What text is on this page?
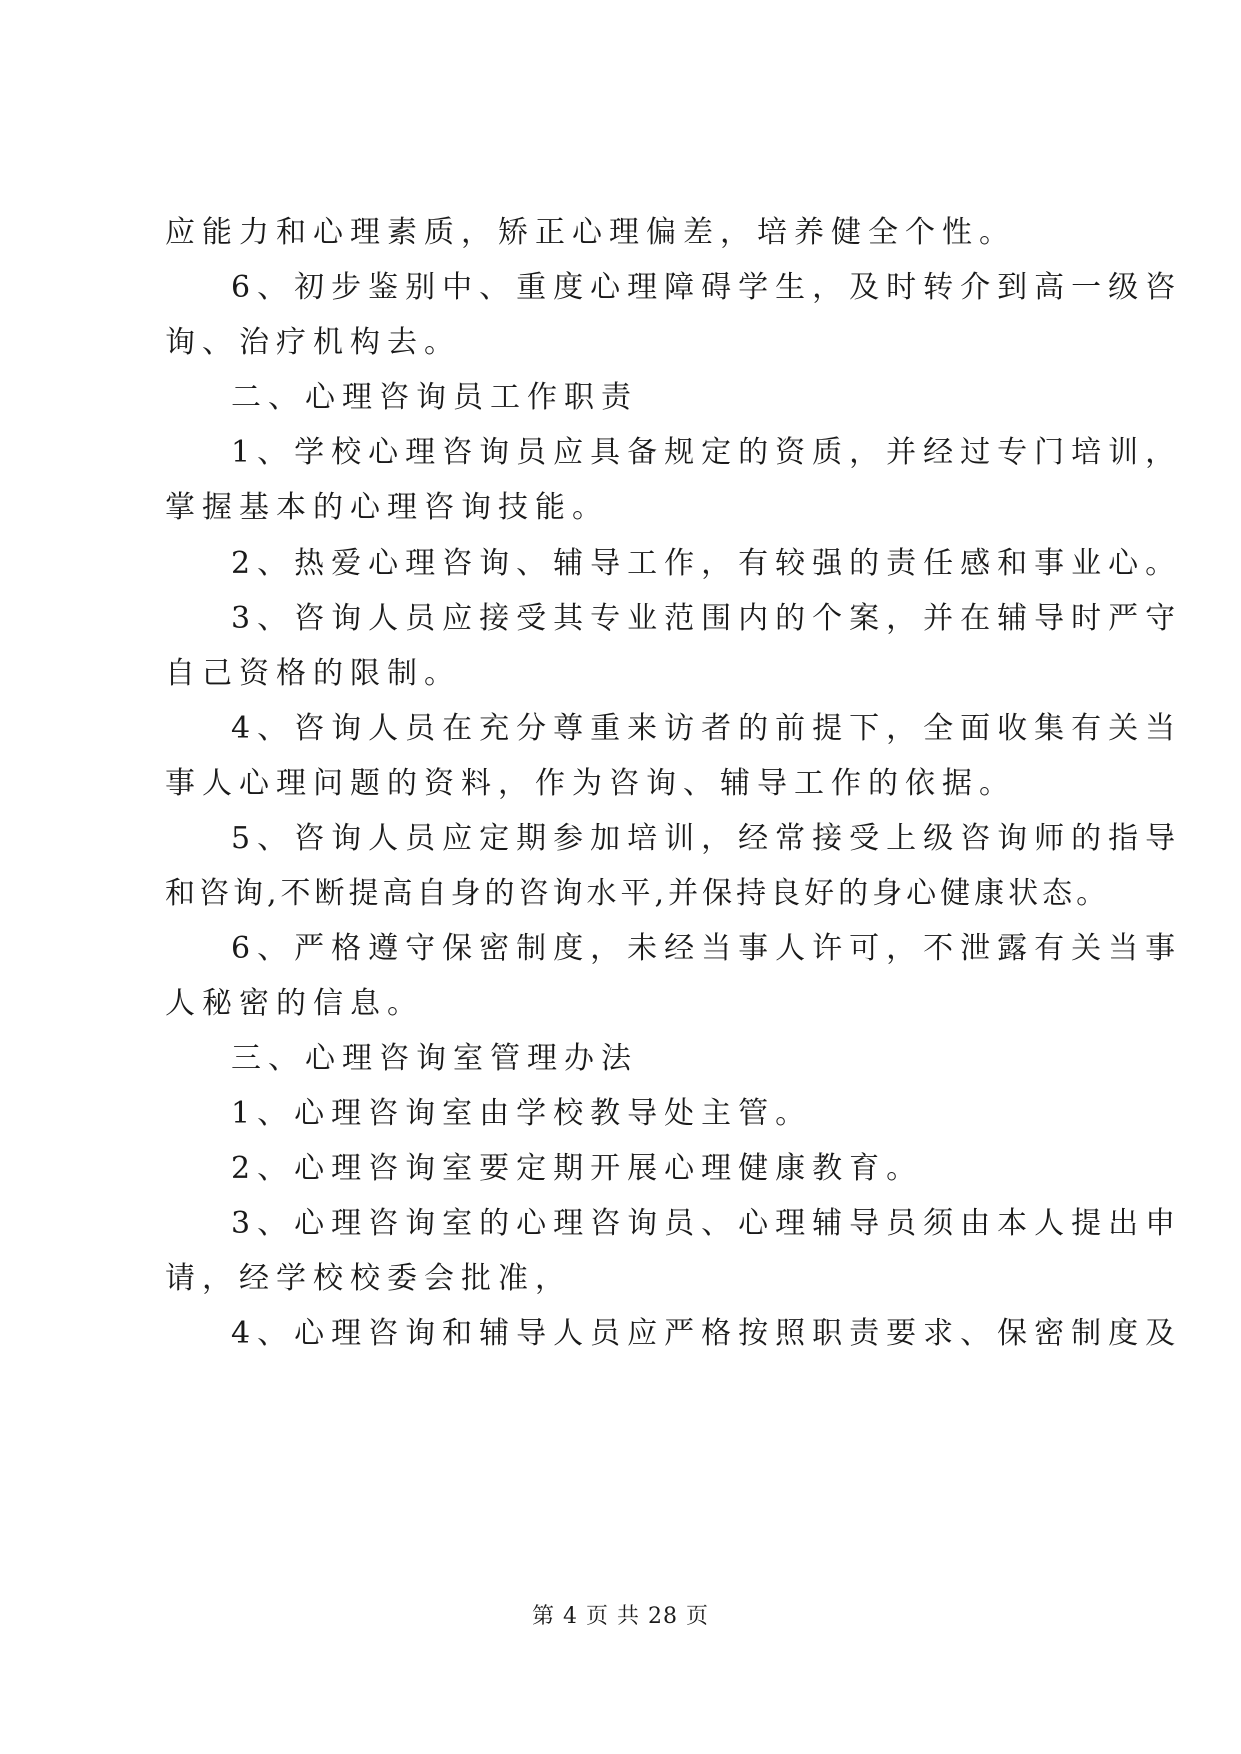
应能力和心理素质，矫正心理偏差，培养健全个性。
6、初步鉴别中、重度心理障碍学生，及时转介到高一级咨
询、治疗机构去。
二、心理咨询员工作职责
1、学校心理咨询员应具备规定的资质，并经过专门培训，
掌握基本的心理咨询技能。
2、热爱心理咨询、辅导工作，有较强的责任感和事业心。
3、咨询人员应接受其专业范围内的个案，并在辅导时严守
自己资格的限制。
4、咨询人员在充分尊重来访者的前提下，全面收集有关当
事人心理问题的资料，作为咨询、辅导工作的依据。
5、咨询人员应定期参加培训，经常接受上级咨询师的指导
和咨询,不断提高自身的咨询水平,并保持良好的身心健康状态。
6、严格遵守保密制度，未经当事人许可，不泄露有关当事
人秘密的信息。
三、心理咨询室管理办法
1、心理咨询室由学校教导处主管。
2、心理咨询室要定期开展心理健康教育。
3、心理咨询室的心理咨询员、心理辅导员须由本人提出申
请，经学校校委会批准，
4、心理咨询和辅导人员应严格按照职责要求、保密制度及
第 4 页 共 28 页
